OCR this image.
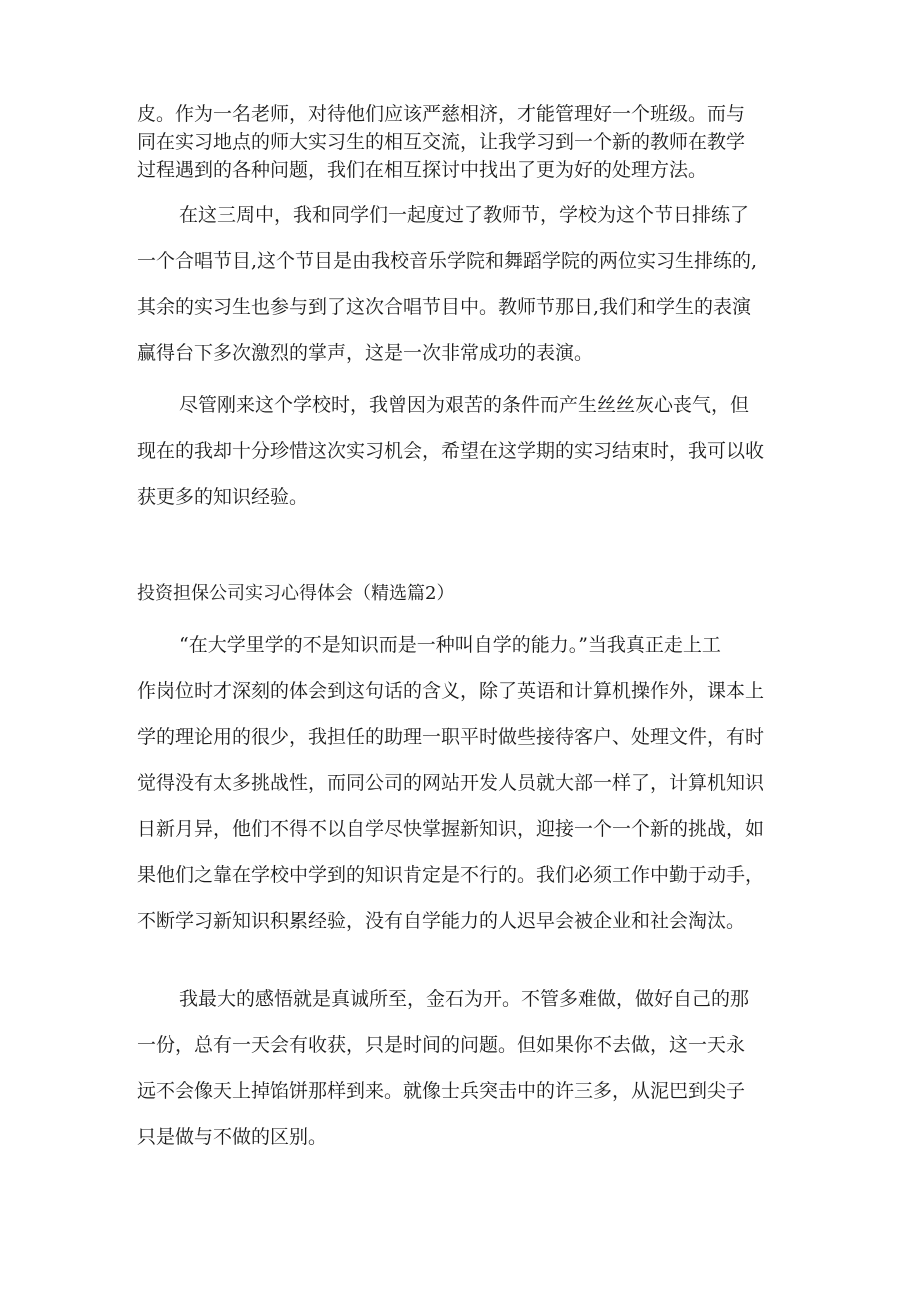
皮。作为一名老师，对待他们应该严慈相济，才能管理好一个班级。而与
同在实习地点的师大实习生的相互交流，让我学习到一个新的教师在教学
过程遇到的各种问题，我们在相互探讨中找出了更为好的处理方法。
在这三周中，我和同学们一起度过了教师节，学校为这个节日排练了
一个合唱节目,这个节目是由我校音乐学院和舞蹈学院的两位实习生排练的,
其余的实习生也参与到了这次合唱节目中。教师节那日,我们和学生的表演
赢得台下多次激烈的掌声，这是一次非常成功的表演。
尽管刚来这个学校时，我曾因为艰苦的条件而产生丝丝灰心丧气，但
现在的我却十分珍惜这次实习机会，希望在这学期的实习结束时，我可以收
获更多的知识经验。
投资担保公司实习心得体会（精选篇2）
“在大学里学的不是知识而是一种叫自学的能力。”当我真正走上工
作岗位时才深刻的体会到这句话的含义，除了英语和计算机操作外，课本上
学的理论用的很少，我担任的助理一职平时做些接待客户、处理文件，有时
觉得没有太多挑战性，而同公司的网站开发人员就大部一样了，计算机知识
日新月异，他们不得不以自学尽快掌握新知识，迎接一个一个新的挑战，如
果他们之靠在学校中学到的知识肯定是不行的。我们必须工作中勤于动手，
不断学习新知识积累经验，没有自学能力的人迟早会被企业和社会淘汰。
我最大的感悟就是真诚所至，金石为开。不管多难做，做好自己的那
一份，总有一天会有收获，只是时间的问题。但如果你不去做，这一天永
远不会像天上掉馅饼那样到来。就像士兵突击中的许三多，从泥巴到尖子
只是做与不做的区别。
